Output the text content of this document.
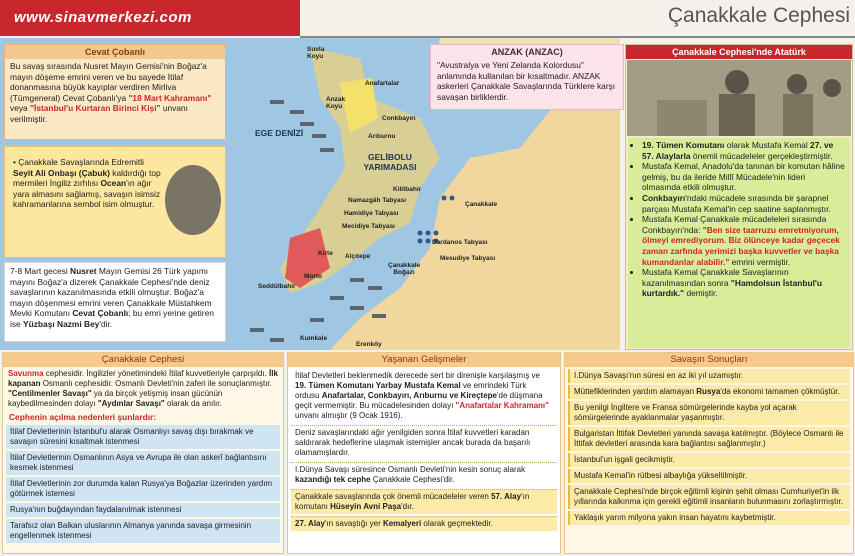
www.sinavmerkezi.com	Çanakkale Cephesi
EGE DENİZİ
GELİBOLU YARIMADASI
Suvla Koyu
Anafartalar
Anzak Koyu
Conkbayırı
Arıburnu
Kilitbahir
Namazgâh Tabyası
Hamidiye Tabyası
Mecidiye Tabyası
Çanakkale
Dardanos Tabyası
Mesudiye Tabyası
Çanakkale Boğazı
Kirte Alçıtepe
Morto
Seddülbahir
Kumkale
Erenköy
Cevat Çobanlı
Bu savaş sırasında Nusret Mayın Gemisi'nin Boğaz'a mayın döşeme emrini veren ve bu sayede İtilaf donanmasına büyük kayıplar verdiren Mirliva (Tümgeneral) Cevat Çobanlı'ya "18 Mart Kahramanı" veya "İstanbul'u Kurtaran Birinci Kişi" unvanı verilmiştir.
• Çanakkale Savaşlarında Edremitli Seyit Ali Onbaşı (Çabuk) kaldırdığı top mermileri İngiliz zırhlısı Ocean'ın ağır yara almasını sağlamış, savaşın isimsiz kahramanlarına sembol isim olmuştur.
7-8 Mart gecesi Nusret Mayın Gemisi 26 Türk yapımı mayını Boğaz'a dizerek Çanakkale Cephesi'nde deniz savaşlarının kazanılmasında etkili olmuştur. Boğaz'a mayın döşenmesi emrini veren Çanakkale Müstahkem Mevki Komutanı Cevat Çobanlı; bu emri yerine getiren ise Yüzbaşı Nazmi Bey'dir.
ANZAK (ANZAC)
"Avustralya ve Yeni Zelanda Kolordusu" anlamında kullanılan bir kısaltmadır. ANZAK askerleri Çanakkale Savaşlarında Türklere karşı savaşan birliklerdir.
Çanakkale Cephesi'nde Atatürk
• 19. Tümen Komutanı olarak Mustafa Kemal 27. ve 57. Alaylarla önemli mücadeleler gerçekleştirmiştir.
• Mustafa Kemal, Anadolu'da tanınan bir komutan hâline gelmiş, bu da ileride Millî Mücadele'nin lideri olmasında etkili olmuştur.
• Conkbayırı'ndaki mücadele sırasında bir şarapnel parçası Mustafa Kemal'in cep saatine saplanmıştır.
• Mustafa Kemal Çanakkale mücadeleleri sırasında Conkbayırı'nda: "Ben size taarruzu emretmiyorum, ölmeyi emrediyorum. Biz ölünceye kadar geçecek zaman zarfında yerimizi başka kuvvetler ve başka kumandanlar alabilir." emrini vermiştir.
• Mustafa Kemal Çanakkale Savaşlarının kazanılmasından sonra "Hamdolsun İstanbul'u kurtardık." demiştir.
Çanakkale Cephesi
Savunma cephesidir. İngilizler yönetimindeki İtilaf kuvvetleriyle çarpışıldı. İlk kapanan Osmanlı cephesidir. Osmanlı Devleti'nin zaferi ile sonuçlanmıştır. "Centilmenler Savaşı" ya da birçok yetişmiş insan gücünün kaybedilmesinden dolayı "Aydınlar Savaşı" olarak da anılır.
Cephenin açılma nedenleri şunlardır:
İtilaf Devletlerinin İstanbul'u alarak Osmanlıyı savaş dışı bırakmak ve savaşın süresini kısaltmak istenmesi
İtilaf Devletlerinin Osmanlının Asya ve Avrupa ile olan askerî bağlantısını kesmek istenmesi
İtilaf Devletlerinin zor durumda kalan Rusya'ya Boğazlar üzerinden yardım götürmek istemesi
Rusya'nın buğdayından faydalanılmak istenmesi
Tarafsız olan Balkan uluslarının Almanya yanında savaşa girmesinin engellenmek istenmesi
Yaşanan Gelişmeler
İtilaf Devletleri beklenmedik derecede sert bir direnişle karşılaşmış ve 19. Tümen Komutanı Yarbay Mustafa Kemal ve emrindeki Türk ordusu Anafartalar, Conkbayırı, Arıburnu ve Kireçtepe'de düşmana geçit vermemiştir. Bu mücadelesinden dolayı "Anafartalar Kahramanı" unvanı almıştır (9 Ocak 1916).
Deniz savaşlarındaki ağır yenilgiden sonra İtilaf kuvvetleri karadan saldırarak hedeflerine ulaşmak istemişler ancak burada da başarılı olamamışlardır.
I.Dünya Savaşı süresince Osmanlı Devleti'nin kesin sonuç alarak kazandığı tek cephe Çanakkale Cephesi'dir.
Çanakkale savaşlarında çok önemli mücadeleler veren 57. Alay'ın komutanı Hüseyin Avni Paşa'dır.
27. Alay'ın savaştığı yer Kemalyeri olarak geçmektedir.
Savaşın Sonuçları
I.Dünya Savaşı'nın süresi en az iki yıl uzamıştır.
Müttefiklerinden yardım alamayan Rusya'da ekonomi tamamen çökmüştür.
Bu yenilgi İngiltere ve Fransa sömürgelerinde kayba yol açarak sömürgelerinde ayaklanmalar yaşanmıştır.
Bulgaristan İttifak Devletleri yanında savaşa katılmıştır. (Böylece Osmanlı ile İttifak devletleri arasında kara bağlantısı sağlanmıştır.)
İstanbul'un işgali gecikmiştir.
Mustafa Kemal'in rütbesi albaylığa yükseltilmiştir.
Çanakkale Cephesi'nde birçok eğitimli kişinin şehit olması Cumhuriyet'in ilk yıllarında kalkınma için gerekli eğitimli insanların bulunmasını zorlaştırmıştır.
Yaklaşık yarım milyona yakın insan hayatını kaybetmiştir.
